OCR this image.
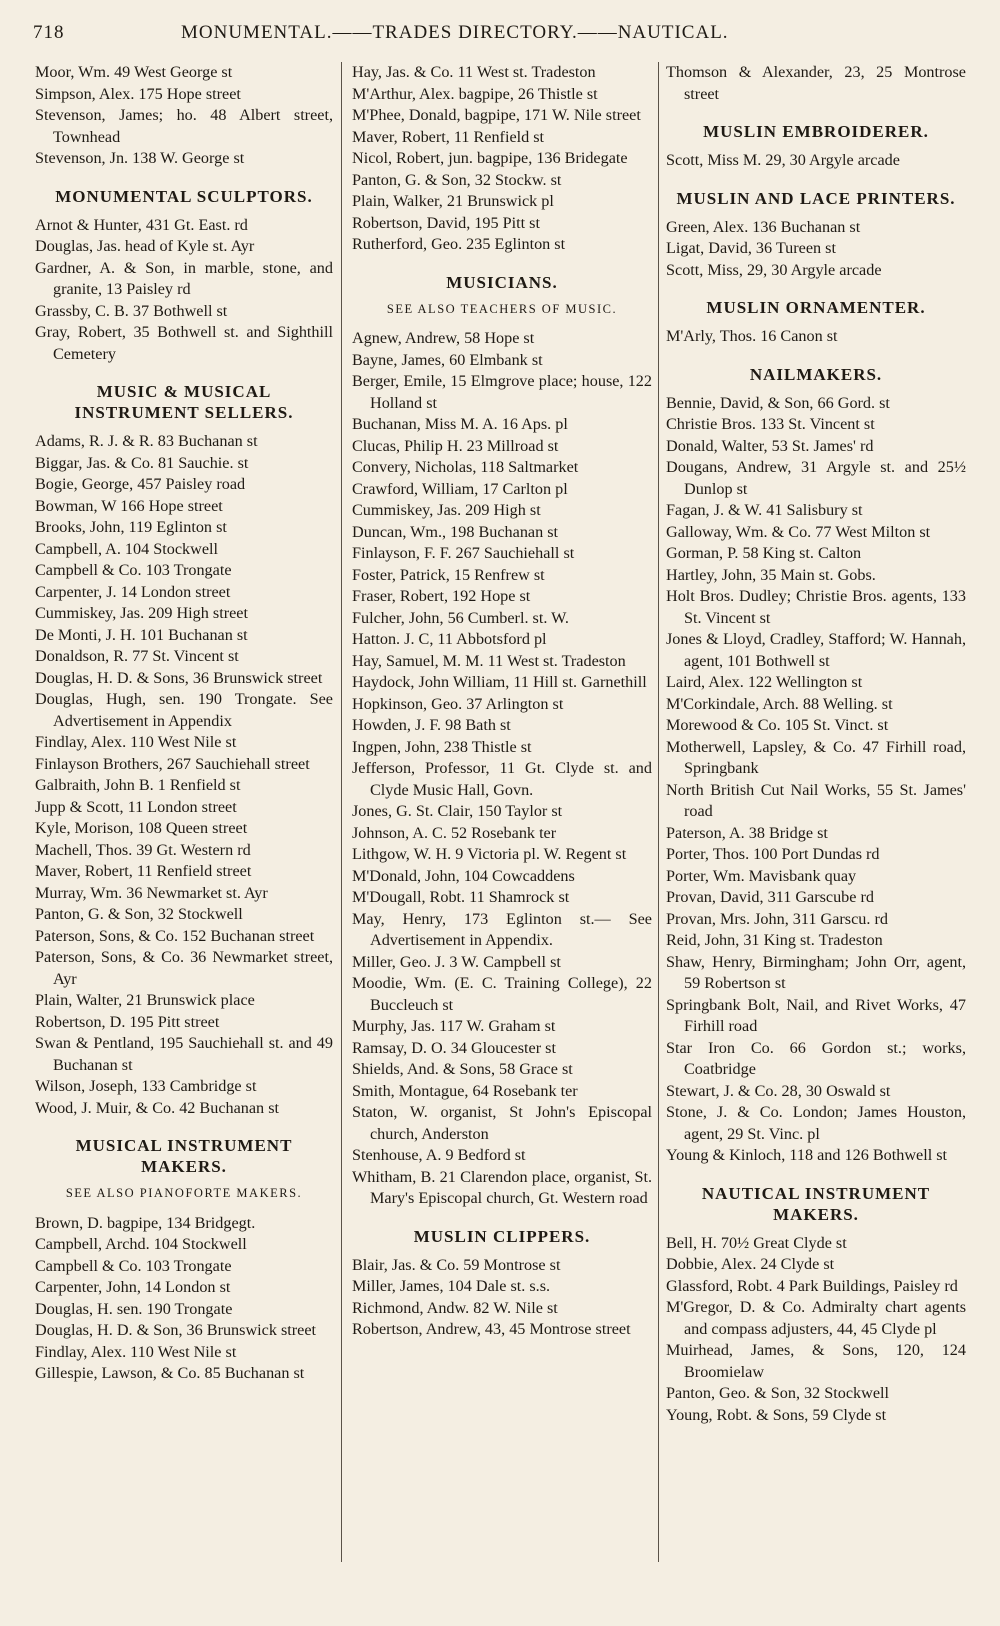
718	MONUMENTAL.——TRADES DIRECTORY.——NAUTICAL.
Moor, Wm. 49 West George st
Simpson, Alex. 175 Hope street
Stevenson, James; ho. 48 Albert street, Townhead
Stevenson, Jn. 138 W. George st
MONUMENTAL SCULPTORS.
Arnot & Hunter, 431 Gt. East. rd
Douglas, Jas. head of Kyle st. Ayr
Gardner, A. & Son, in marble, stone, and granite, 13 Paisley rd
Grassby, C. B. 37 Bothwell st
Gray, Robert, 35 Bothwell st. and Sighthill Cemetery
MUSIC & MUSICAL INSTRUMENT SELLERS.
Adams, R. J. & R. 83 Buchanan st
Biggar, Jas. & Co. 81 Sauchie. st
Bogie, George, 457 Paisley road
Bowman, W 166 Hope street
Brooks, John, 119 Eglinton st
Campbell, A. 104 Stockwell
Campbell & Co. 103 Trongate
Carpenter, J. 14 London street
Cummiskey, Jas. 209 High street
De Monti, J. H. 101 Buchanan st
Donaldson, R. 77 St. Vincent st
Douglas, H. D. & Sons, 36 Brunswick street
Douglas, Hugh, sen. 190 Trongate. See Advertisement in Appendix
Findlay, Alex. 110 West Nile st
Finlayson Brothers, 267 Sauchiehall street
Galbraith, John B. 1 Renfield st
Jupp & Scott, 11 London street
Kyle, Morison, 108 Queen street
Machell, Thos. 39 Gt. Western rd
Maver, Robert, 11 Renfield street
Murray, Wm. 36 Newmarket st. Ayr
Panton, G. & Son, 32 Stockwell
Paterson, Sons, & Co. 152 Buchanan street
Paterson, Sons, & Co. 36 Newmarket street, Ayr
Plain, Walter, 21 Brunswick place
Robertson, D. 195 Pitt street
Swan & Pentland, 195 Sauchiehall st. and 49 Buchanan st
Wilson, Joseph, 133 Cambridge st
Wood, J. Muir, & Co. 42 Buchanan st
MUSICAL INSTRUMENT MAKERS.
SEE ALSO PIANOFORTE MAKERS.
Brown, D. bagpipe, 134 Bridgegt.
Campbell, Archd. 104 Stockwell
Campbell & Co. 103 Trongate
Carpenter, John, 14 London st
Douglas, H. sen. 190 Trongate
Douglas, H. D. & Son, 36 Brunswick street
Findlay, Alex. 110 West Nile st
Gillespie, Lawson, & Co. 85 Buchanan st
Hay, Jas. & Co. 11 West st. Tradeston
M'Arthur, Alex. bagpipe, 26 Thistle st
M'Phee, Donald, bagpipe, 171 W. Nile street
Maver, Robert, 11 Renfield st
Nicol, Robert, jun. bagpipe, 136 Bridegate
Panton, G. & Son, 32 Stockw. st
Plain, Walker, 21 Brunswick pl
Robertson, David, 195 Pitt st
Rutherford, Geo. 235 Eglinton st
MUSICIANS.
SEE ALSO TEACHERS OF MUSIC.
Agnew, Andrew, 58 Hope st
Bayne, James, 60 Elmbank st
Berger, Emile, 15 Elmgrove place; house, 122 Holland st
Buchanan, Miss M. A. 16 Aps. pl
Clucas, Philip H. 23 Millroad st
Convery, Nicholas, 118 Saltmarket
Crawford, William, 17 Carlton pl
Cummiskey, Jas. 209 High st
Duncan, Wm., 198 Buchanan st
Finlayson, F. F. 267 Sauchiehall st
Foster, Patrick, 15 Renfrew st
Fraser, Robert, 192 Hope st
Fulcher, John, 56 Cumberl. st. W.
Hatton. J. C, 11 Abbotsford pl
Hay, Samuel, M. M. 11 West st. Tradeston
Haydock, John William, 11 Hill st. Garnethill
Hopkinson, Geo. 37 Arlington st
Howden, J. F. 98 Bath st
Ingpen, John, 238 Thistle st
Jefferson, Professor, 11 Gt. Clyde st. and Clyde Music Hall, Govn.
Jones, G. St. Clair, 150 Taylor st
Johnson, A. C. 52 Rosebank ter
Lithgow, W. H. 9 Victoria pl. W. Regent st
M'Donald, John, 104 Cowcaddens
M'Dougall, Robt. 11 Shamrock st
May, Henry, 173 Eglinton st.— See Advertisement in Appendix.
Miller, Geo. J. 3 W. Campbell st
Moodie, Wm. (E. C. Training College), 22 Buccleuch st
Murphy, Jas. 117 W. Graham st
Ramsay, D. O. 34 Gloucester st
Shields, And. & Sons, 58 Grace st
Smith, Montague, 64 Rosebank ter
Staton, W. organist, St John's Episcopal church, Anderston
Stenhouse, A. 9 Bedford st
Whitham, B. 21 Clarendon place, organist, St. Mary's Episcopal church, Gt. Western road
MUSLIN CLIPPERS.
Blair, Jas. & Co. 59 Montrose st
Miller, James, 104 Dale st. s.s.
Richmond, Andw. 82 W. Nile st
Robertson, Andrew, 43, 45 Montrose street
Thomson & Alexander, 23, 25 Montrose street
MUSLIN EMBROIDERER.
Scott, Miss M. 29, 30 Argyle arcade
MUSLIN AND LACE PRINTERS.
Green, Alex. 136 Buchanan st
Ligat, David, 36 Tureen st
Scott, Miss, 29, 30 Argyle arcade
MUSLIN ORNAMENTER.
M'Arly, Thos. 16 Canon st
NAILMAKERS.
Bennie, David, & Son, 66 Gord. st
Christie Bros. 133 St. Vincent st
Donald, Walter, 53 St. James' rd
Dougans, Andrew, 31 Argyle st. and 25½ Dunlop st
Fagan, J. & W. 41 Salisbury st
Galloway, Wm. & Co. 77 West Milton st
Gorman, P. 58 King st. Calton
Hartley, John, 35 Main st. Gobs.
Holt Bros. Dudley; Christie Bros. agents, 133 St. Vincent st
Jones & Lloyd, Cradley, Stafford; W. Hannah, agent, 101 Bothwell st
Laird, Alex. 122 Wellington st
M'Corkindale, Arch. 88 Welling. st
Morewood & Co. 105 St. Vinct. st
Motherwell, Lapsley, & Co. 47 Firhill road, Springbank
North British Cut Nail Works, 55 St. James' road
Paterson, A. 38 Bridge st
Porter, Thos. 100 Port Dundas rd
Porter, Wm. Mavisbank quay
Provan, David, 311 Garscube rd
Provan, Mrs. John, 311 Garscu. rd
Reid, John, 31 King st. Tradeston
Shaw, Henry, Birmingham; John Orr, agent, 59 Robertson st
Springbank Bolt, Nail, and Rivet Works, 47 Firhill road
Star Iron Co. 66 Gordon st.; works, Coatbridge
Stewart, J. & Co. 28, 30 Oswald st
Stone, J. & Co. London; James Houston, agent, 29 St. Vinc. pl
Young & Kinloch, 118 and 126 Bothwell st
NAUTICAL INSTRUMENT MAKERS.
Bell, H. 70½ Great Clyde st
Dobbie, Alex. 24 Clyde st
Glassford, Robt. 4 Park Buildings, Paisley rd
M'Gregor, D. & Co. Admiralty chart agents and compass adjusters, 44, 45 Clyde pl
Muirhead, James, & Sons, 120, 124 Broomielaw
Panton, Geo. & Son, 32 Stockwell
Young, Robt. & Sons, 59 Clyde st
